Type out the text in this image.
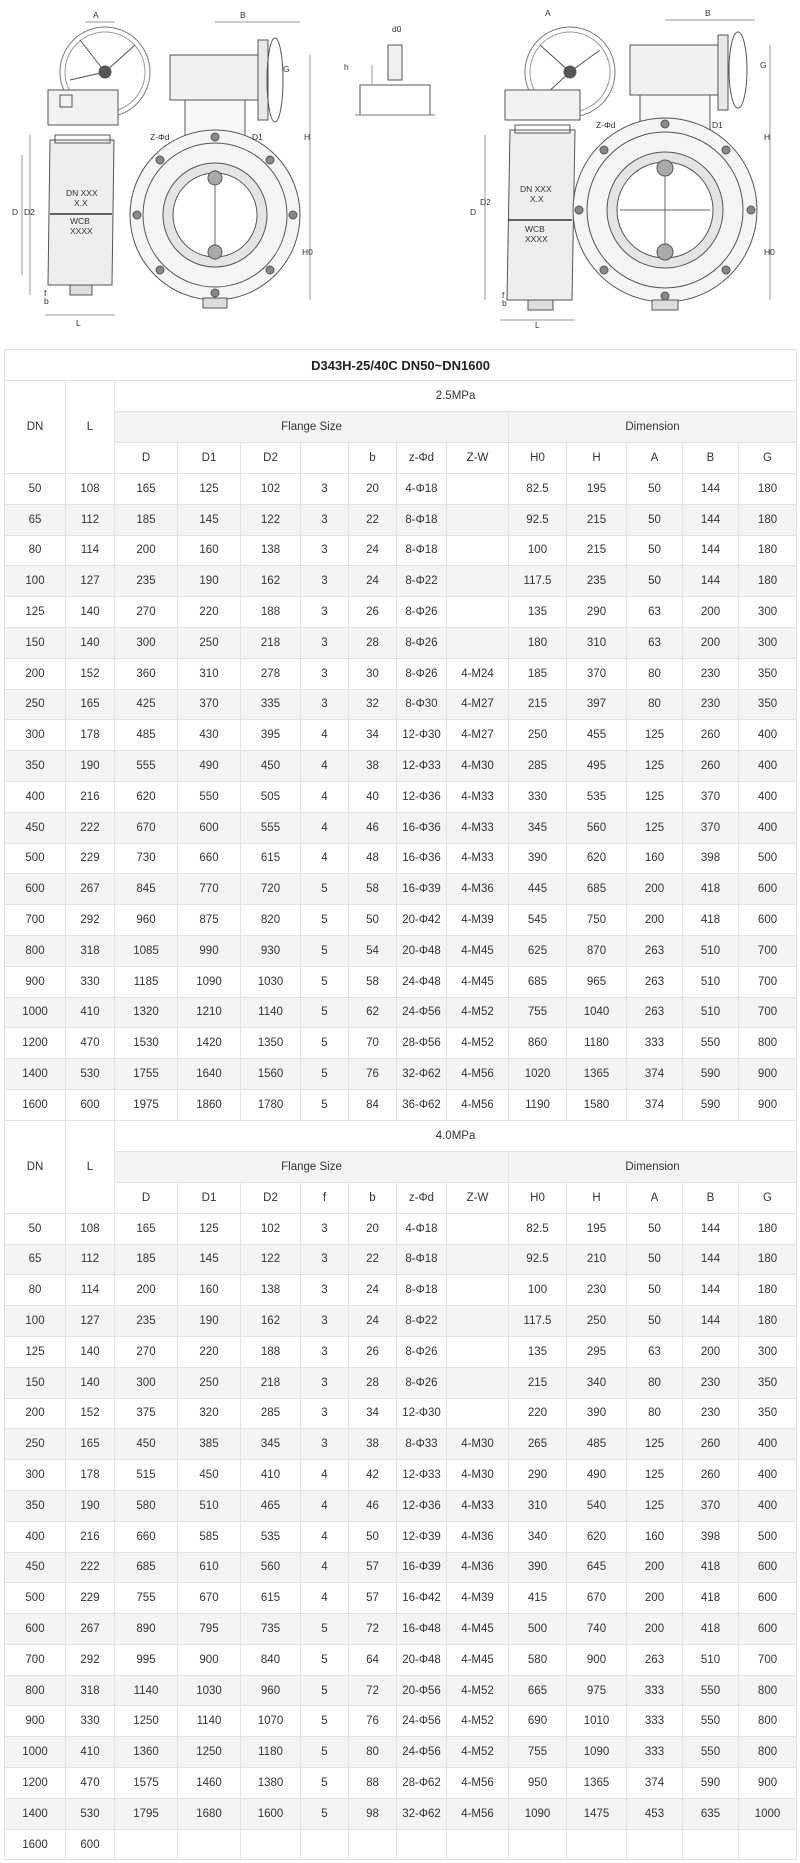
A	B
d0
h
G
H
H0
D D2
D1
Z-Φd
b
f
L
A	B
G
H
H0
D
D2
D1
Z-Φd
b
f
L
DN XXX
X.X
WCB
XXXX
DN XXX
X.X
WCB
XXXX
D343H-25/40C DN50~DN1600													
DN	L	2.5MPa											
		Flange Size							Dimension				
		D	D1	D2		b	z-Φd	Z-W	H0	H	A	B	G
50	108	165	125	102	3	20	4-Φ18		82.5	195	50	144	180
65	112	185	145	122	3	22	8-Φ18		92.5	215	50	144	180
80	114	200	160	138	3	24	8-Φ18		100	215	50	144	180
100	127	235	190	162	3	24	8-Φ22		117.5	235	50	144	180
125	140	270	220	188	3	26	8-Φ26		135	290	63	200	300
150	140	300	250	218	3	28	8-Φ26		180	310	63	200	300
200	152	360	310	278	3	30	8-Φ26	4-M24	185	370	80	230	350
250	165	425	370	335	3	32	8-Φ30	4-M27	215	397	80	230	350
300	178	485	430	395	4	34	12-Φ30	4-M27	250	455	125	260	400
350	190	555	490	450	4	38	12-Φ33	4-M30	285	495	125	260	400
400	216	620	550	505	4	40	12-Φ36	4-M33	330	535	125	370	400
450	222	670	600	555	4	46	16-Φ36	4-M33	345	560	125	370	400
500	229	730	660	615	4	48	16-Φ36	4-M33	390	620	160	398	500
600	267	845	770	720	5	58	16-Φ39	4-M36	445	685	200	418	600
700	292	960	875	820	5	50	20-Φ42	4-M39	545	750	200	418	600
800	318	1085	990	930	5	54	20-Φ48	4-M45	625	870	263	510	700
900	330	1185	1090	1030	5	58	24-Φ48	4-M45	685	965	263	510	700
1000	410	1320	1210	1140	5	62	24-Φ56	4-M52	755	1040	263	510	700
1200	470	1530	1420	1350	5	70	28-Φ56	4-M52	860	1180	333	550	800
1400	530	1755	1640	1560	5	76	32-Φ62	4-M56	1020	1365	374	590	900
1600	600	1975	1860	1780	5	84	36-Φ62	4-M56	1190	1580	374	590	900
DN	L	4.0MPa											
		Flange Size							Dimension				
		D	D1	D2	f	b	z-Φd	Z-W	H0	H	A	B	G
50	108	165	125	102	3	20	4-Φ18		82.5	195	50	144	180
65	112	185	145	122	3	22	8-Φ18		92.5	210	50	144	180
80	114	200	160	138	3	24	8-Φ18		100	230	50	144	180
100	127	235	190	162	3	24	8-Φ22		117.5	250	50	144	180
125	140	270	220	188	3	26	8-Φ26		135	295	63	200	300
150	140	300	250	218	3	28	8-Φ26		215	340	80	230	350
200	152	375	320	285	3	34	12-Φ30		220	390	80	230	350
250	165	450	385	345	3	38	8-Φ33	4-M30	265	485	125	260	400
300	178	515	450	410	4	42	12-Φ33	4-M30	290	490	125	260	400
350	190	580	510	465	4	46	12-Φ36	4-M33	310	540	125	370	400
400	216	660	585	535	4	50	12-Φ39	4-M36	340	620	160	398	500
450	222	685	610	560	4	57	16-Φ39	4-M36	390	645	200	418	600
500	229	755	670	615	4	57	16-Φ42	4-M39	415	670	200	418	600
600	267	890	795	735	5	72	16-Φ48	4-M45	500	740	200	418	600
700	292	995	900	840	5	64	20-Φ48	4-M45	580	900	263	510	700
800	318	1140	1030	960	5	72	20-Φ56	4-M52	665	975	333	550	800
900	330	1250	1140	1070	5	76	24-Φ56	4-M52	690	1010	333	550	800
1000	410	1360	1250	1180	5	80	24-Φ56	4-M52	755	1090	333	550	800
1200	470	1575	1460	1380	5	88	28-Φ62	4-M56	950	1365	374	590	900
1400	530	1795	1680	1600	5	98	32-Φ62	4-M56	1090	1475	453	635	1000
1600	600												
